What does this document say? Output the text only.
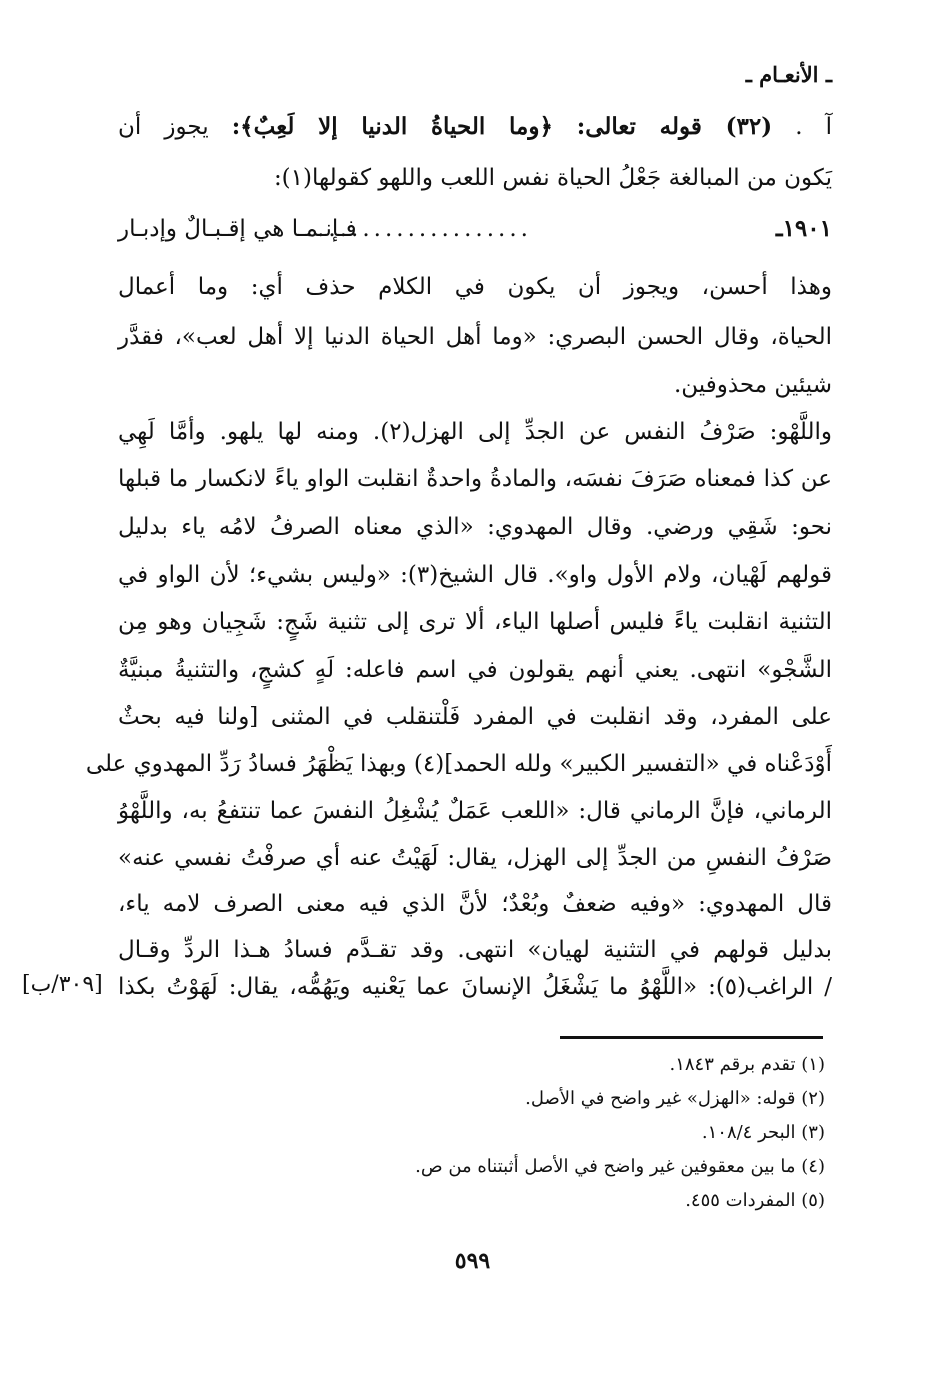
ـ الأنعـام ـ
آ . (٣٢) قوله تعالى: ﴿وما الحياةُ الدنيا إلا لَعِبٌ﴾: يجوز أن
يَكون من المبالغة جَعْلُ الحياة نفس اللعب واللهو كقولها(١):
١٩٠١ـ
فـإنـمـا هي إقـبـالٌ وإدبـار
....................
وهذا أحسن، ويجوز أن يكون في الكلام حذف أي: وما أعمال
الحياة، وقال الحسن البصري: «وما أهل الحياة الدنيا إلا أهل لعب»، فقدَّر
شيئين محذوفين.
واللَّهْو: صَرْفُ النفس عن الجدِّ إلى الهزل(٢). ومنه لها يلهو. وأمَّا لَهِي
عن كذا فمعناه صَرَفَ نفسَه، والمادةُ واحدةٌ انقلبت الواو ياءً لانكسار ما قبلها
نحو: شَقِي ورضي. وقال المهدوي: «الذي معناه الصرفُ لامُه ياء بدليل
قولهم لَهْيان، ولام الأول واو». قال الشيخ(٣): «وليس بشيء؛ لأن الواو في
التثنية انقلبت ياءً فليس أصلها الياء، ألا ترى إلى تثنية شَجٍ: شَجِيان وهو مِن
الشَّجْو» انتهى. يعني أنهم يقولون في اسم فاعله: لَهٍ كشجٍ، والتثنيةُ مبنيَّةٌ
على المفرد، وقد انقلبت في المفرد فَلْتنقلب في المثنى [ولنا فيه بحثٌ
أَوْدَعْناه في «التفسير الكبير» ولله الحمد](٤) وبهذا يَظْهَرُ فسادُ رَدِّ المهدوي على
الرماني، فإنَّ الرماني قال: «اللعب عَمَلٌ يُشْغِلُ النفسَ عما تنتفعُ به، واللَّهْوُ
صَرْفُ النفسِ من الجدِّ إلى الهزل، يقال: لَهَيْتُ عنه أي صرفْتُ نفسي عنه»
قال المهدوي: «وفيه ضعفٌ وبُعْدٌ؛ لأنَّ الذي فيه معنى الصرف لامه ياء،
بدليل قولهم في التثنية لهيان» انتهى. وقد تقـدَّم فسادُ هـذا الردِّ وقـال
/ الراغب(٥): «اللَّهْوُ ما يَشْغَلُ الإنسانَ عما يَعْنيه ويَهُمُّه، يقال: لَهَوْتُ بكذا
[٣٠٩/ب]
(١) تقدم برقم ١٨٤٣.
(٢) قوله: «الهزل» غير واضح في الأصل.
(٣) البحر ١٠٨/٤.
(٤) ما بين معقوفين غير واضح في الأصل أثبتناه من ص.
(٥) المفردات ٤٥٥.
٥٩٩
